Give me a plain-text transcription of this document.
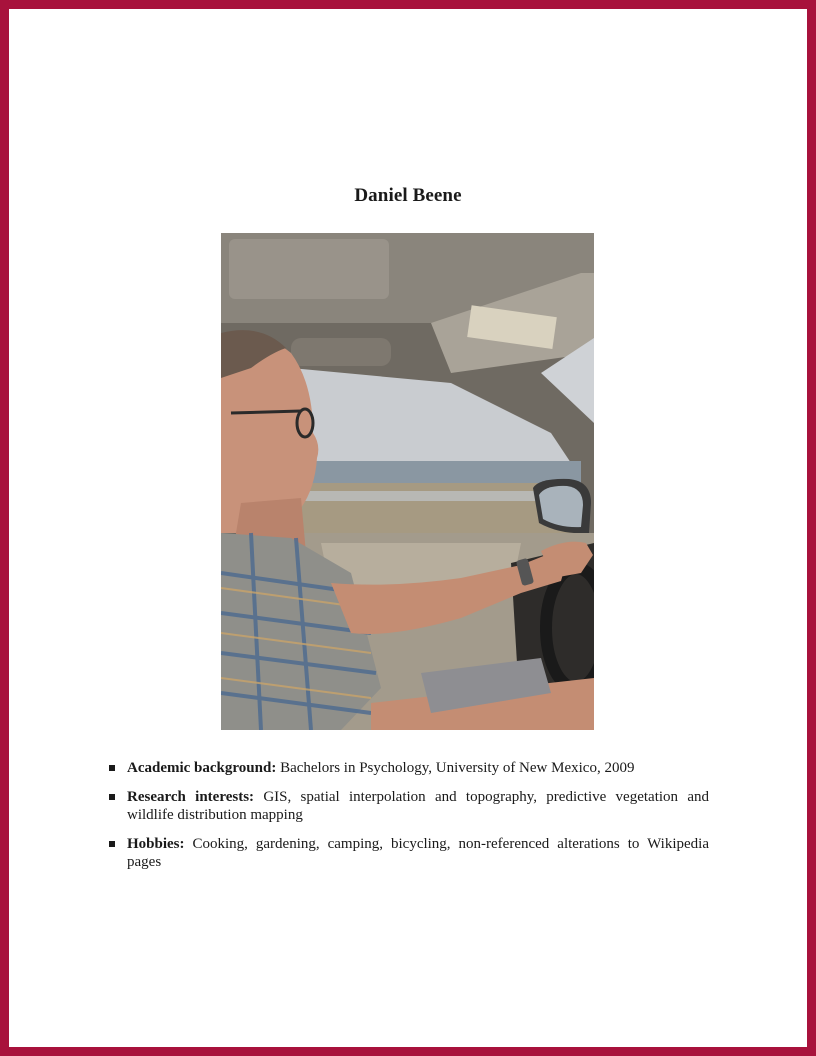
Daniel Beene
Academic background: Bachelors in Psychology, University of New Mexico, 2009
Research interests: GIS, spatial interpolation and topography, predictive vegetation and wildlife distribution mapping
Hobbies: Cooking, gardening, camping, bicycling, non-referenced alterations to Wikipedia pages
